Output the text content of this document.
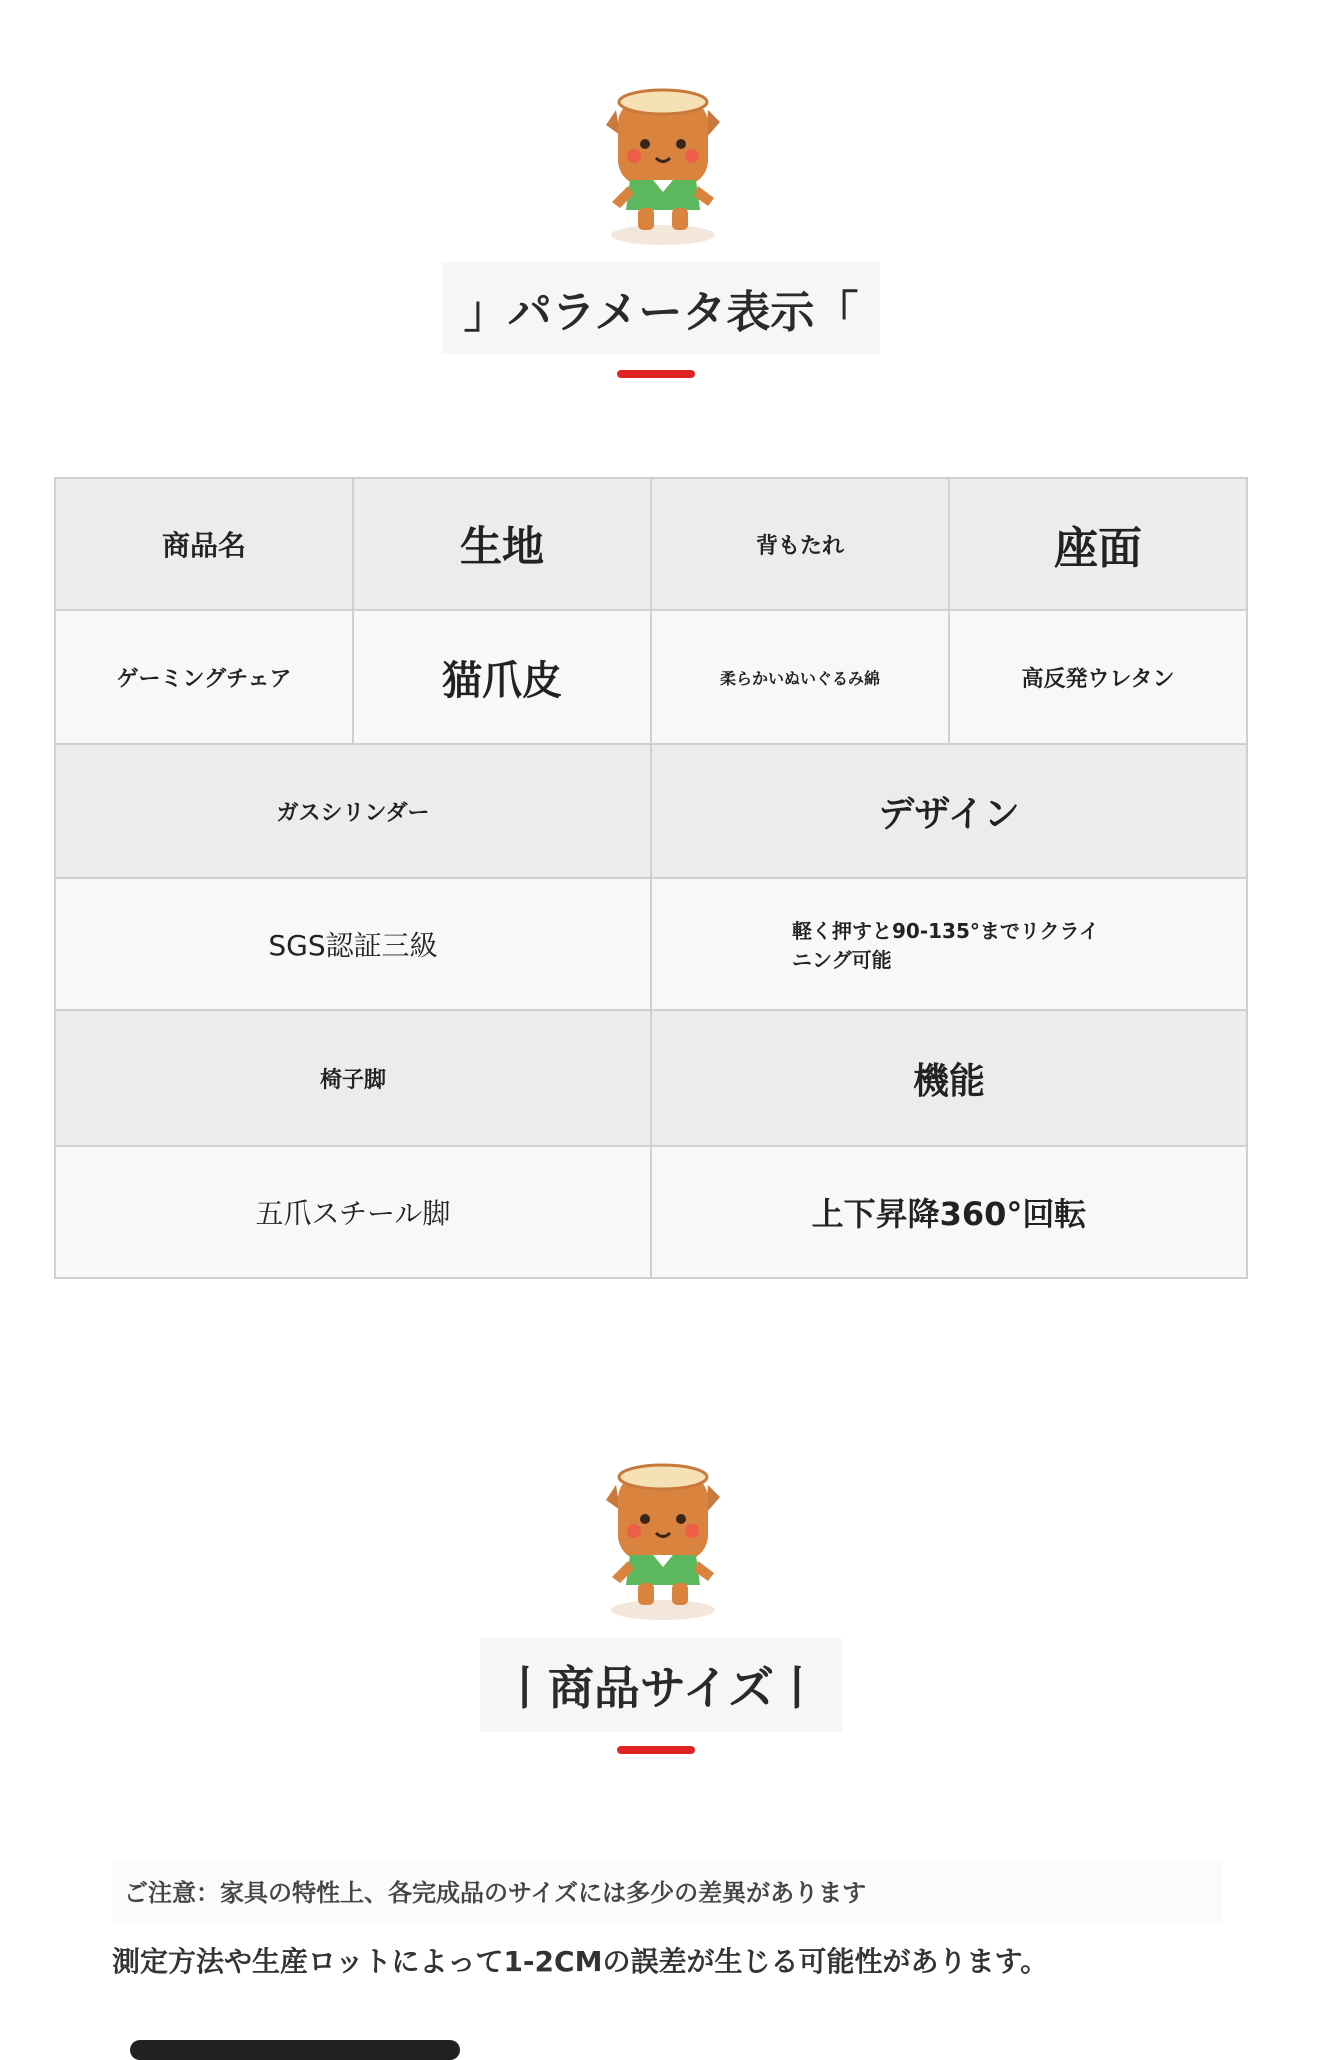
」パラメータ表示「
商品名	生地	背もたれ	座面
ゲーミングチェア	猫爪皮	柔らかいぬいぐるみ綿	高反発ウレタン
ガスシリンダー		デザイン	
SGS認証三級		軽く押すと90-135°までリクライニング可能	
椅子脚		機能	
五爪スチール脚		上下昇降360°回転	
丨商品サイズ丨
ご注意：家具の特性上、各完成品のサイズには多少の差異があります
測定方法や生産ロットによって1-2CMの誤差が生じる可能性があります。
